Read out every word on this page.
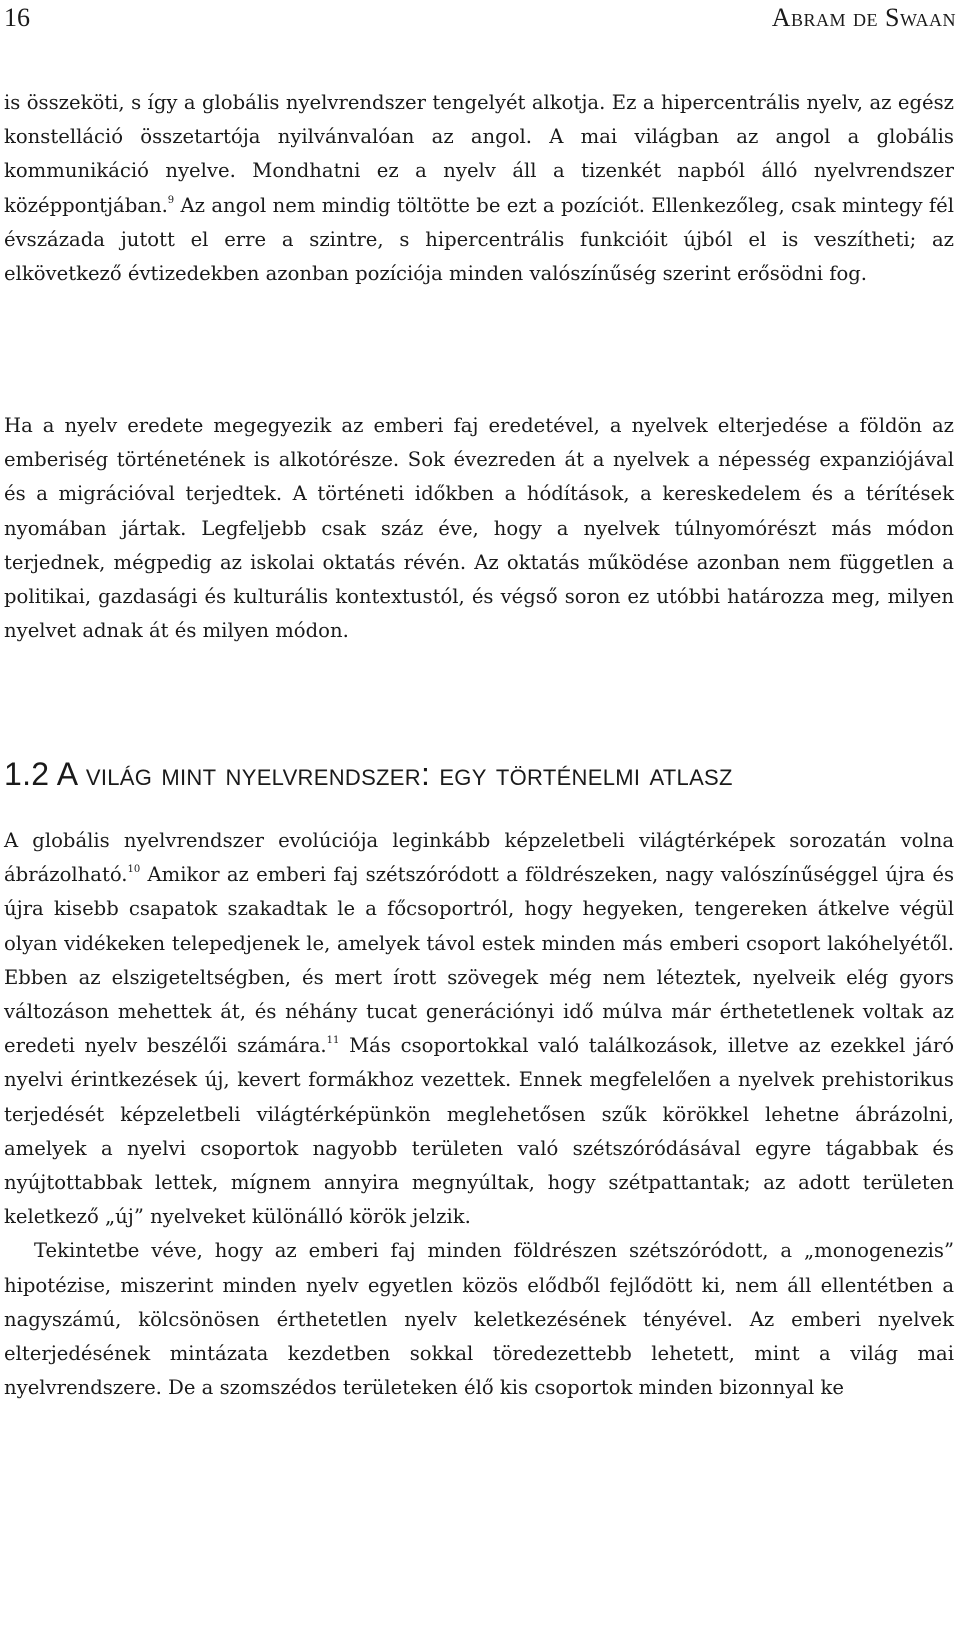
16	Abram de Swaan

is összeköti, s így a globális nyelvrendszer tengelyét alkotja. Ez a hipercentrális nyelv, az egész konstelláció összetartója nyilvánvalóan az angol. A mai világban az angol a globális kommunikáció nyelve. Mondhatni ez a nyelv áll a tizenkét napból álló nyelvrendszer középpontjában.$^9$ Az angol nem mindig töltötte be ezt a pozíciót. Ellenkezőleg, csak mintegy fél évszázada jutott el erre a szintre, s hipercentrális funkcióit újból el is veszítheti; az elkövetkező évtizedekben azonban pozíciója minden valószínűség szerint erősödni fog.

Ha a nyelv eredete megegyezik az emberi faj eredetével, a nyelvek elterjedése a földön az emberiség történetének is alkotórésze. Sok évezreden át a nyelvek a népesség expanziójával és a migrációval terjedtek. A történeti időkben a hódítások, a kereskedelem és a térítések nyomában jártak. Legfeljebb csak száz éve, hogy a nyelvek túlnyomórészt más módon terjednek, mégpedig az iskolai oktatás révén. Az oktatás működése azonban nem független a politikai, gazdasági és kulturális kontextustól, és végső soron ez utóbbi határozza meg, milyen nyelvet adnak át és milyen módon.

1.2 A világ mint nyelvrendszer: egy történelmi atlasz

A globális nyelvrendszer evolúciója leginkább képzeletbeli világtérképek sorozatán volna ábrázolható.$^{10}$ Amikor az emberi faj szétszóródott a földrészeken, nagy valószínűséggel újra és újra kisebb csapatok szakadtak le a főcsoportról, hogy hegyeken, tengereken átkelve végül olyan vidékeken telepedjenek le, amelyek távol estek minden más emberi csoport lakóhelyétől. Ebben az elszigeteltségben, és mert írott szövegek még nem léteztek, nyelveik elég gyors változáson mehettek át, és néhány tucat generációnyi idő múlva már érthetetlenek voltak az eredeti nyelv beszélői számára.$^{11}$ Más csoportokkal való találkozások, illetve az ezekkel járó nyelvi érintkezések új, kevert formákhoz vezettek. Ennek megfelelően a nyelvek prehistorikus terjedését képzeletbeli világtérképünkön meglehetősen szűk körökkel lehetne ábrázolni, amelyek a nyelvi csoportok nagyobb területen való szétszóródásával egyre tágabbak és nyújtottabbak lettek, mígnem annyira megnyúltak, hogy szétpattantak; az adott területen keletkező „új” nyelveket különálló körök jelzik.

Tekintetbe véve, hogy az emberi faj minden földrészen szétszóródott, a „monogenezis” hipotézise, miszerint minden nyelv egyetlen közös elődből fejlődött ki, nem áll ellentétben a nagyszámú, kölcsönösen érthetetlen nyelv keletkezésének tényével. Az emberi nyelvek elterjedésének mintázata kezdetben sokkal töredezettebb lehetett, mint a világ mai nyelvrendszere. De a szomszédos területeken élő kis csoportok minden bizonnyal ke
